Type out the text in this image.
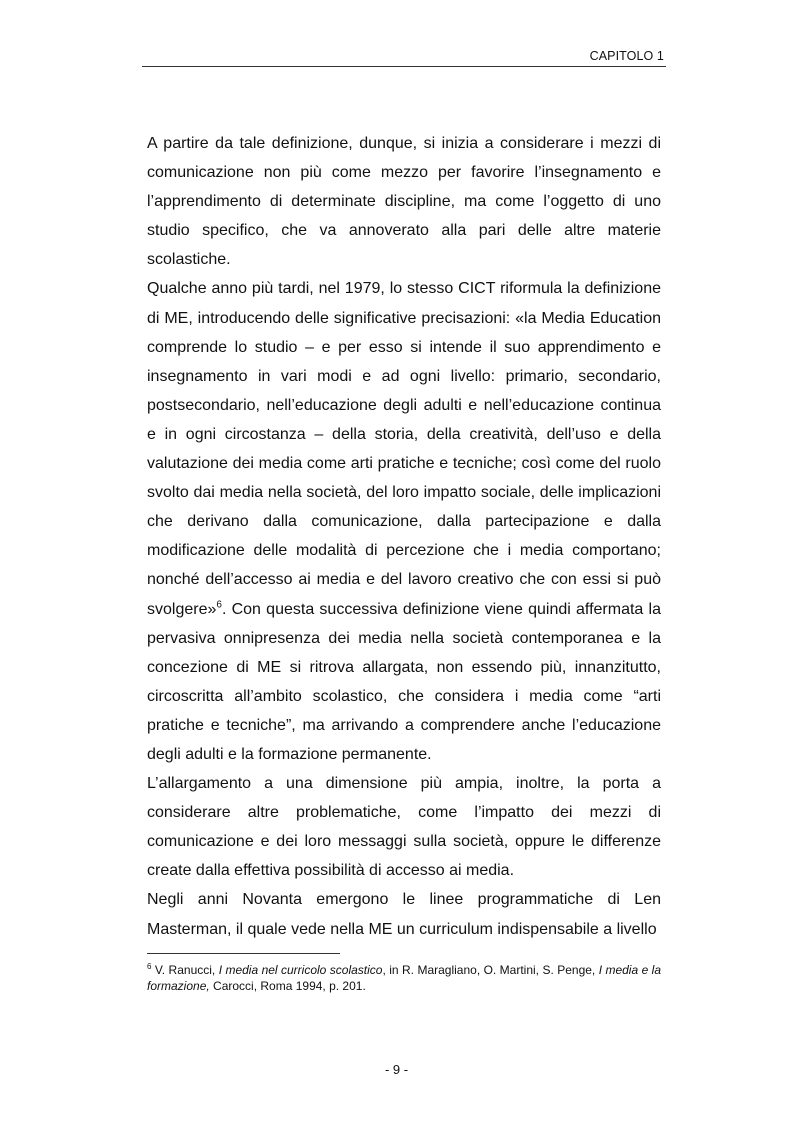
CAPITOLO 1

A partire da tale definizione, dunque, si inizia a considerare i mezzi di comunicazione non più come mezzo per favorire l’insegnamento e l’apprendimento di determinate discipline, ma come l’oggetto di uno studio specifico, che va annoverato alla pari delle altre materie scolastiche.

Qualche anno più tardi, nel 1979, lo stesso CICT riformula la definizione di ME, introducendo delle significative precisazioni: «la Media Education comprende lo studio – e per esso si intende il suo apprendimento e insegnamento in vari modi e ad ogni livello: primario, secondario, postsecondario, nell’educazione degli adulti e nell’educazione continua e in ogni circostanza – della storia, della creatività, dell’uso e della valutazione dei media come arti pratiche e tecniche; così come del ruolo svolto dai media nella società, del loro impatto sociale, delle implicazioni che derivano dalla comunicazione, dalla partecipazione e dalla modificazione delle modalità di percezione che i media comportano; nonché dell’accesso ai media e del lavoro creativo che con essi si può svolgere»$^6$. Con questa successiva definizione viene quindi affermata la pervasiva onnipresenza dei media nella società contemporanea e la concezione di ME si ritrova allargata, non essendo più, innanzitutto, circoscritta all’ambito scolastico, che considera i media come “arti pratiche e tecniche”, ma arrivando a comprendere anche l’educazione degli adulti e la formazione permanente.

L’allargamento a una dimensione più ampia, inoltre, la porta a considerare altre problematiche, come l’impatto dei mezzi di comunicazione e dei loro messaggi sulla società, oppure le differenze create dalla effettiva possibilità di accesso ai media.

Negli anni Novanta emergono le linee programmatiche di Len Masterman, il quale vede nella ME un curriculum indispensabile a livello

$^6$ V. Ranucci, I media nel curricolo scolastico, in R. Maragliano, O. Martini, S. Penge, I media e la formazione, Carocci, Roma 1994, p. 201.

- 9 -
